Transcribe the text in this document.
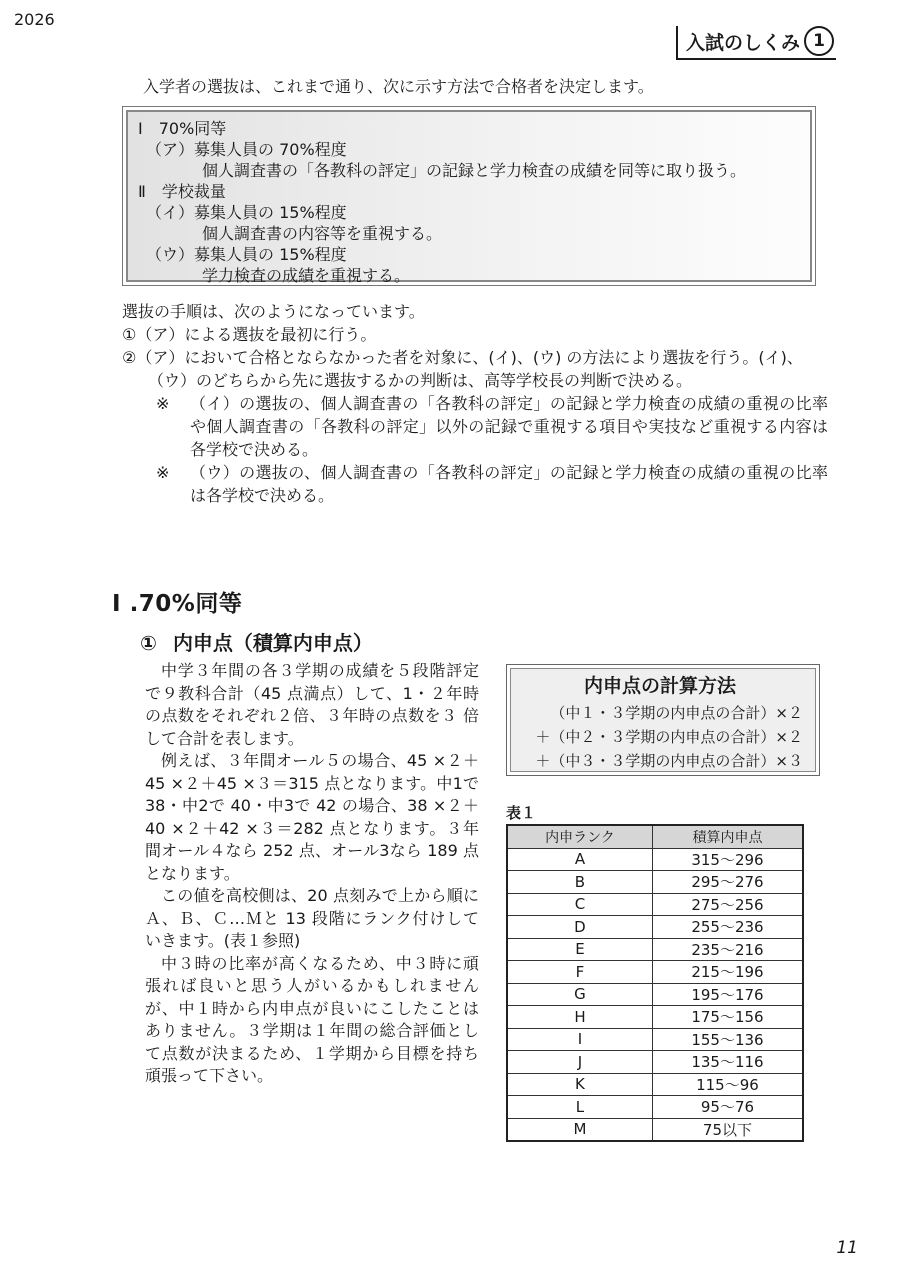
2026
入試のしくみ 1
入学者の選抜は、これまで通り、次に示す方法で合格者を決定します。
Ⅰ　70%同等
　（ア）募集人員の 70%程度
　　　　個人調査書の「各教科の評定」の記録と学力検査の成績を同等に取り扱う。
Ⅱ　学校裁量
　（イ）募集人員の 15%程度
　　　　個人調査書の内容等を重視する。
　（ウ）募集人員の 15%程度
　　　　学力検査の成績を重視する。
選抜の手順は、次のようになっています。
①（ア）による選抜を最初に行う。
②（ア）において合格とならなかった者を対象に、(イ)、(ウ) の方法により選抜を行う。(イ)、
（ウ）のどちらから先に選抜するかの判断は、高等学校長の判断で決める。
※ （イ）の選抜の、個人調査書の「各教科の評定」の記録と学力検査の成績の重視の比率や個人調査書の「各教科の評定」以外の記録で重視する項目や実技など重視する内容は各学校で決める。
※ （ウ）の選抜の、個人調査書の「各教科の評定」の記録と学力検査の成績の重視の比率は各学校で決める。
Ⅰ .70%同等
① 内申点（積算内申点）

中学３年間の各３学期の成績を５段階評定で９教科合計（45 点満点）して、1・２年時の点数をそれぞれ２倍、３年時の点数を３ 倍して合計を表します。

例えば、３年間オール５の場合、45 ×２＋45 ×２＋45 ×３＝315 点となります。中1で 38・中2で 40・中3で 42 の場合、38 ×２＋40 ×２＋42 ×３＝282 点となります。３年間オール４なら 252 点、オール3なら 189 点となります。

この値を高校側は、20 点刻みで上から順にＡ、Ｂ、Ｃ…Ｍと 13 段階にランク付けしていきます。(表１参照)

中３時の比率が高くなるため、中３時に頑張れば良いと思う人がいるかもしれませんが、中１時から内申点が良いにこしたことはありません。３学期は１年間の総合評価として点数が決まるため、１学期から目標を持ち頑張って下さい。

内申点の計算方法
（中１・３学期の内申点の合計）×２
＋（中２・３学期の内申点の合計）×２
＋（中３・３学期の内申点の合計）×３
表１
内申ランク	積算内申点
A	315～296
B	295～276
C	275～256
D	255～236
E	235～216
F	215～196
G	195～176
H	175～156
I	155～136
J	135～116
K	115～96
L	95～76
M	75以下
11
